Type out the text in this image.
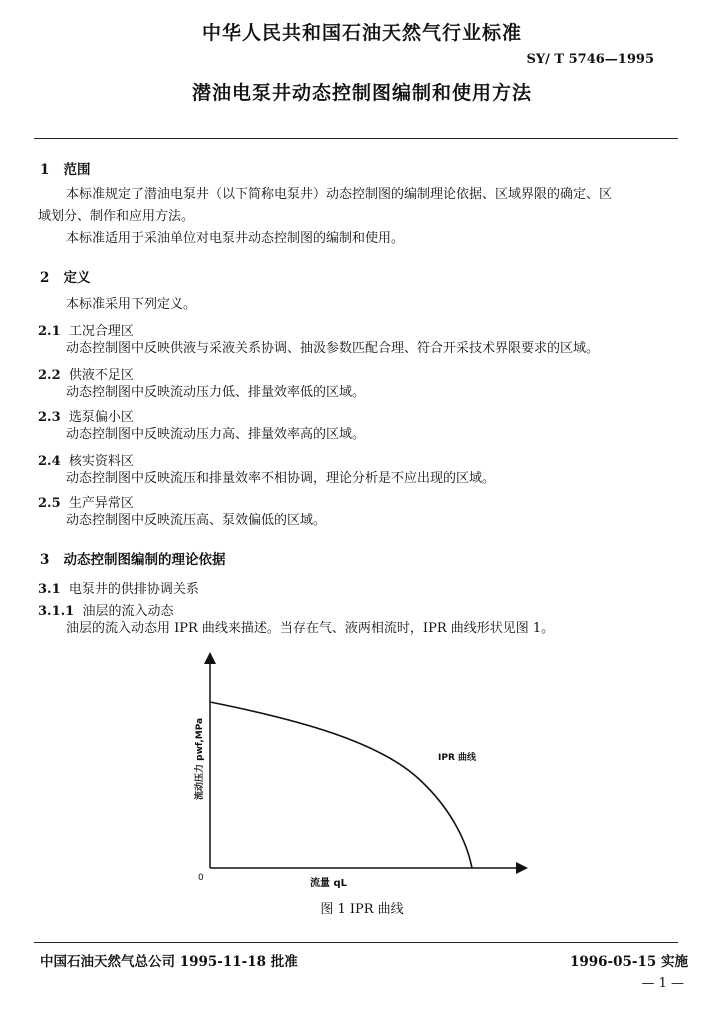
中华人民共和国石油天然气行业标准
SY/ T 5746—1995
潜油电泵井动态控制图编制和使用方法
1 范围
本标准规定了潜油电泵井（以下简称电泵井）动态控制图的编制理论依据、区域界限的确定、区
域划分、制作和应用方法。
本标准适用于采油单位对电泵井动态控制图的编制和使用。
2 定义
本标准采用下列定义。
2.1 工况合理区
动态控制图中反映供液与采液关系协调、抽汲参数匹配合理、符合开采技术界限要求的区域。
2.2 供液不足区
动态控制图中反映流动压力低、排量效率低的区域。
2.3 选泵偏小区
动态控制图中反映流动压力高、排量效率高的区域。
2.4 核实资料区
动态控制图中反映流压和排量效率不相协调，理论分析是不应出现的区域。
2.5 生产异常区
动态控制图中反映流压高、泵效偏低的区域。
3 动态控制图编制的理论依据
3.1 电泵井的供排协调关系
3.1.1 油层的流入动态
油层的流入动态用 IPR 曲线来描述。当存在气、液两相流时，IPR 曲线形状见图 1。
0
IPR 曲线
流量 qL
流动压力 pwf,MPa
图 1 IPR 曲线
中国石油天然气总公司 1995-11-18 批准	1996-05-15 实施
— 1 —
